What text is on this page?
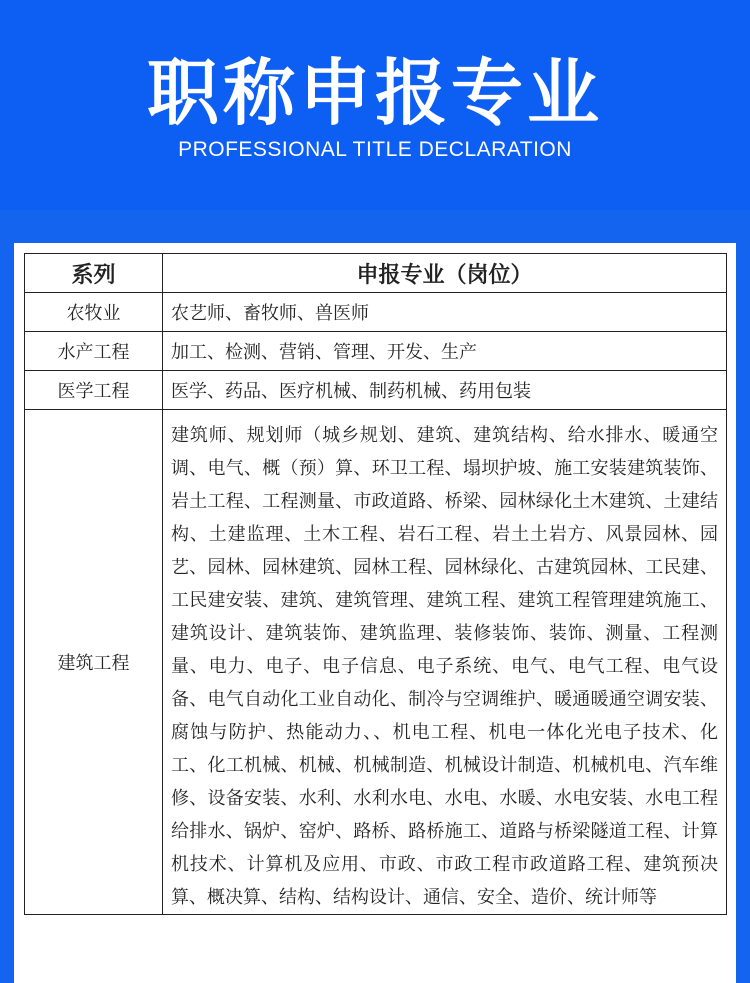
职称申报专业
PROFESSIONAL TITLE DECLARATION
系列	申报专业（岗位）
农牧业	农艺师、畜牧师、兽医师
水产工程	加工、检测、营销、管理、开发、生产
医学工程	医学、药品、医疗机械、制药机械、药用包装
建筑工程	建筑师、规划师（城乡规划、建筑、建筑结构、给水排水、暖通空调、电气、概（预）算、环卫工程、塌坝护坡、施工安装建筑装饰、岩土工程、工程测量、市政道路、桥梁、园林绿化土木建筑、土建结构、土建监理、土木工程、岩石工程、岩土土岩方、风景园林、园艺、园林、园林建筑、园林工程、园林绿化、古建筑园林、工民建、工民建安装、建筑、建筑管理、建筑工程、建筑工程管理建筑施工、建筑设计、建筑装饰、建筑监理、装修装饰、装饰、测量、工程测量、电力、电子、电子信息、电子系统、电气、电气工程、电气设备、电气自动化工业自动化、制冷与空调维护、暖通暖通空调安装、腐蚀与防护、热能动力、、机电工程、机电一体化光电子技术、化工、化工机械、机械、机械制造、机械设计制造、机械机电、汽车维修、设备安装、水利、水利水电、水电、水暖、水电安装、水电工程给排水、锅炉、窑炉、路桥、路桥施工、道路与桥梁隧道工程、计算机技术、计算机及应用、市政、市政工程市政道路工程、建筑预决算、概决算、结构、结构设计、通信、安全、造价、统计师等
